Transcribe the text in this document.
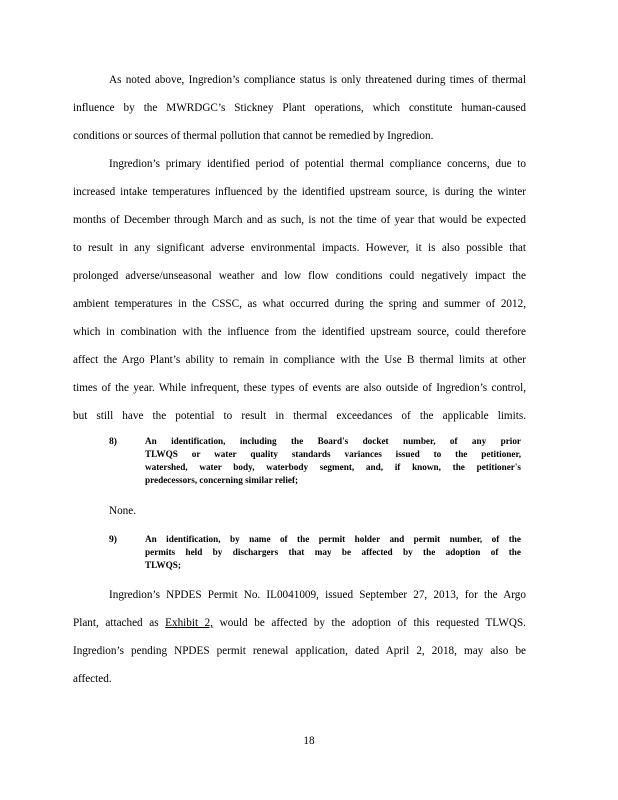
As noted above, Ingredion’s compliance status is only threatened during times of thermal
influence by the MWRDGC’s Stickney Plant operations, which constitute human-caused
conditions or sources of thermal pollution that cannot be remedied by Ingredion.
Ingredion’s primary identified period of potential thermal compliance concerns, due to
increased intake temperatures influenced by the identified upstream source, is during the winter
months of December through March and as such, is not the time of year that would be expected
to result in any significant adverse environmental impacts. However, it is also possible that
prolonged adverse/unseasonal weather and low flow conditions could negatively impact the
ambient temperatures in the CSSC, as what occurred during the spring and summer of 2012,
which in combination with the influence from the identified upstream source, could therefore
affect the Argo Plant’s ability to remain in compliance with the Use B thermal limits at other
times of the year. While infrequent, these types of events are also outside of Ingredion’s control,
but still have the potential to result in thermal exceedances of the applicable limits.
8)	An identification, including the Board's docket number, of any prior
TLWQS or water quality standards variances issued to the petitioner,
watershed, water body, waterbody segment, and, if known, the petitioner's
predecessors, concerning similar relief;
None.
9)	An identification, by name of the permit holder and permit number, of the
permits held by dischargers that may be affected by the adoption of the
TLWQS;
Ingredion’s NPDES Permit No. IL0041009, issued September 27, 2013, for the Argo
Plant, attached as Exhibit 2, would be affected by the adoption of this requested TLWQS.
Ingredion’s pending NPDES permit renewal application, dated April 2, 2018, may also be
affected.
18
